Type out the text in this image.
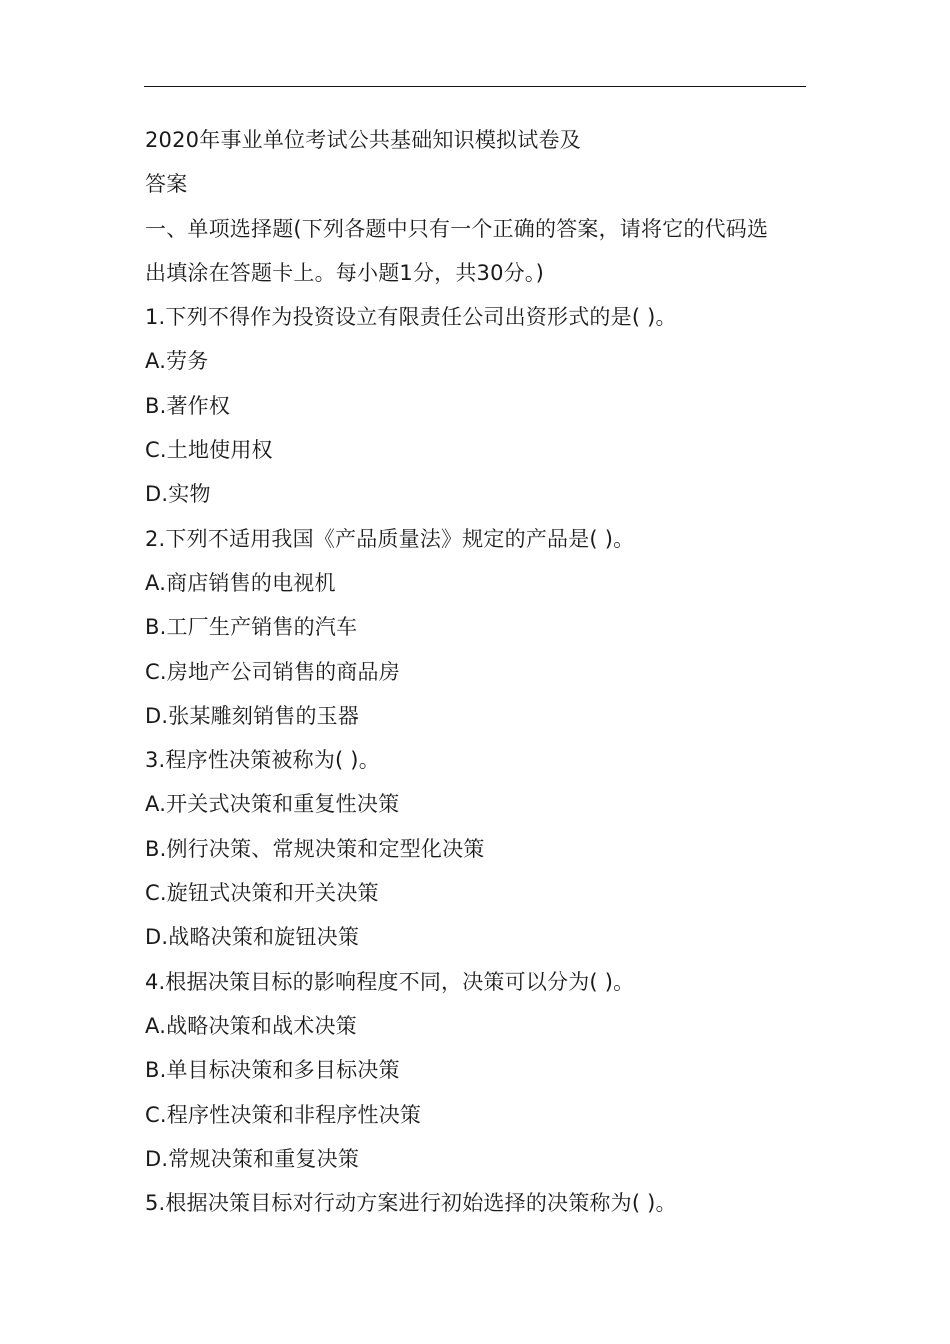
2020年事业单位考试公共基础知识模拟试卷及
答案
一、单项选择题(下列各题中只有一个正确的答案，请将它的代码选
出填涂在答题卡上。每小题1分，共30分。)
1.下列不得作为投资设立有限责任公司出资形式的是( )。
A.劳务
B.著作权
C.土地使用权
D.实物
2.下列不适用我国《产品质量法》规定的产品是( )。
A.商店销售的电视机
B.工厂生产销售的汽车
C.房地产公司销售的商品房
D.张某雕刻销售的玉器
3.程序性决策被称为( )。
A.开关式决策和重复性决策
B.例行决策、常规决策和定型化决策
C.旋钮式决策和开关决策
D.战略决策和旋钮决策
4.根据决策目标的影响程度不同，决策可以分为( )。
A.战略决策和战术决策
B.单目标决策和多目标决策
C.程序性决策和非程序性决策
D.常规决策和重复决策
5.根据决策目标对行动方案进行初始选择的决策称为( )。
